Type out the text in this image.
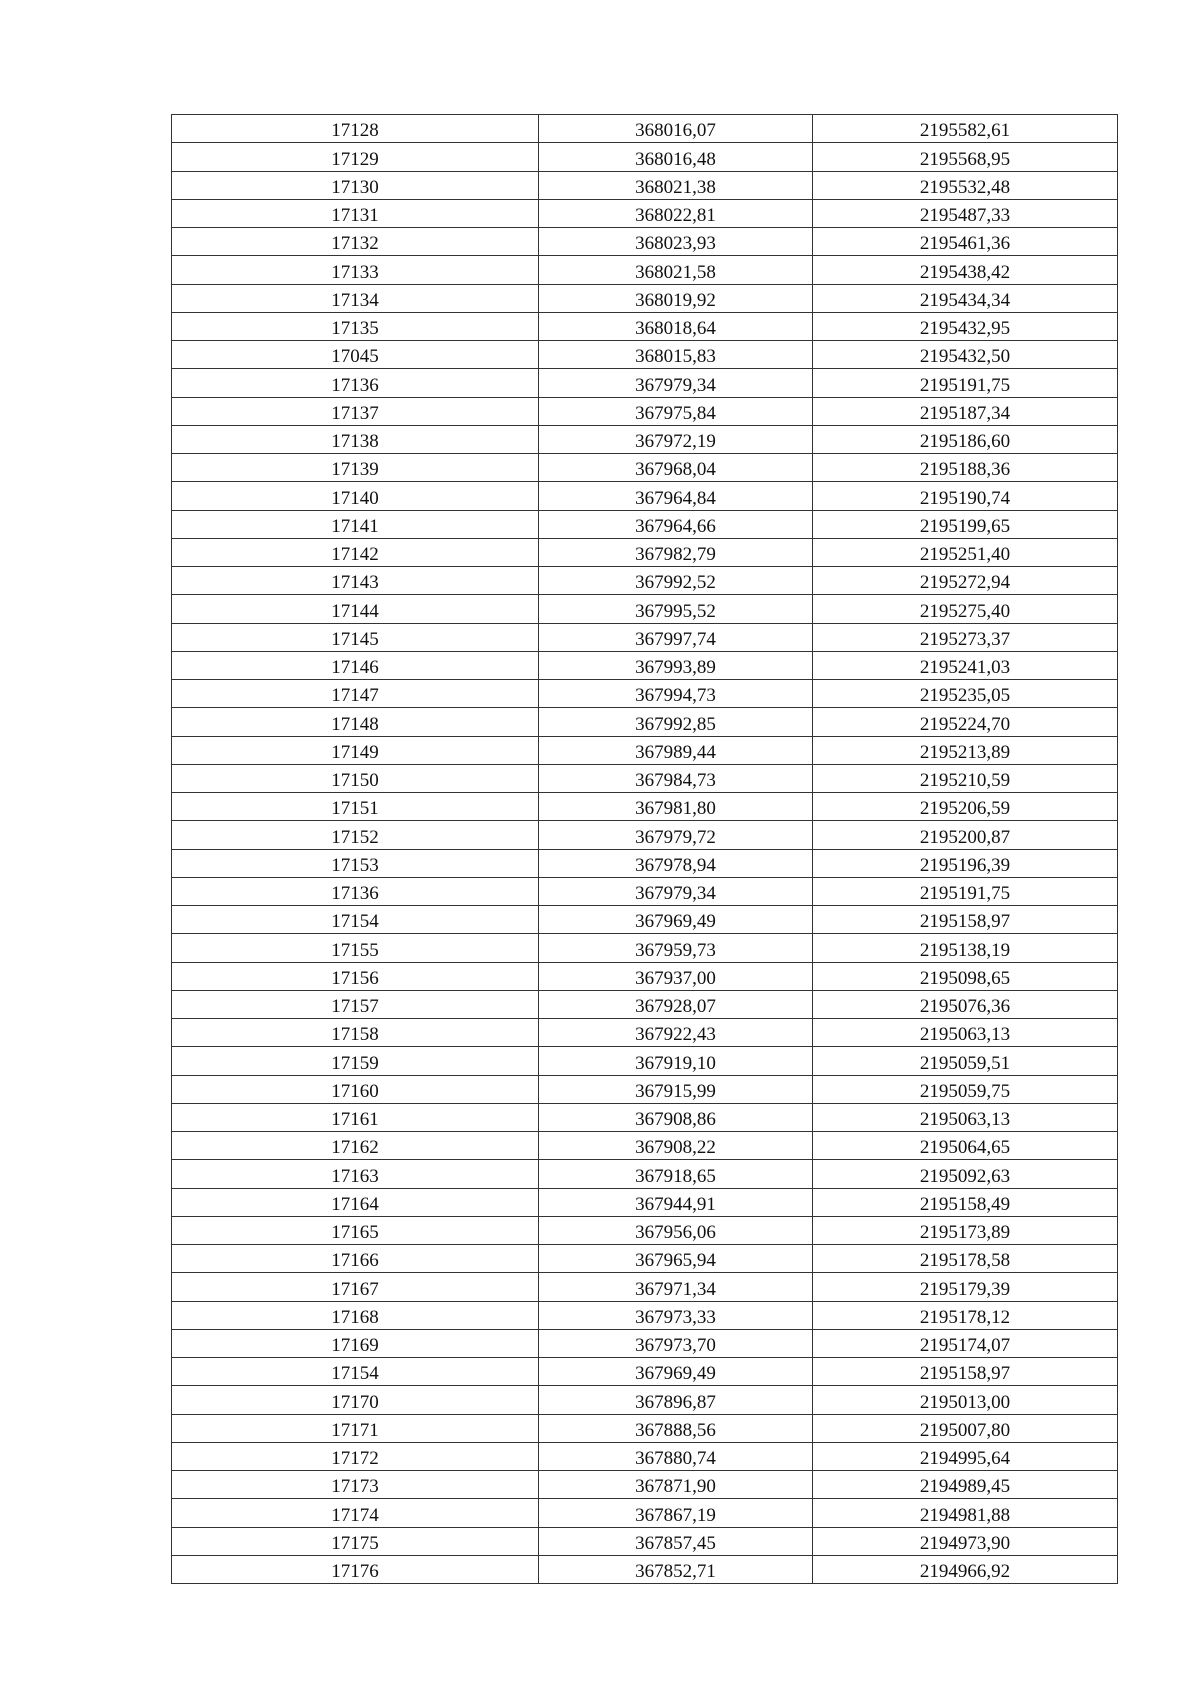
17128	368016,07	2195582,61
17129	368016,48	2195568,95
17130	368021,38	2195532,48
17131	368022,81	2195487,33
17132	368023,93	2195461,36
17133	368021,58	2195438,42
17134	368019,92	2195434,34
17135	368018,64	2195432,95
17045	368015,83	2195432,50
17136	367979,34	2195191,75
17137	367975,84	2195187,34
17138	367972,19	2195186,60
17139	367968,04	2195188,36
17140	367964,84	2195190,74
17141	367964,66	2195199,65
17142	367982,79	2195251,40
17143	367992,52	2195272,94
17144	367995,52	2195275,40
17145	367997,74	2195273,37
17146	367993,89	2195241,03
17147	367994,73	2195235,05
17148	367992,85	2195224,70
17149	367989,44	2195213,89
17150	367984,73	2195210,59
17151	367981,80	2195206,59
17152	367979,72	2195200,87
17153	367978,94	2195196,39
17136	367979,34	2195191,75
17154	367969,49	2195158,97
17155	367959,73	2195138,19
17156	367937,00	2195098,65
17157	367928,07	2195076,36
17158	367922,43	2195063,13
17159	367919,10	2195059,51
17160	367915,99	2195059,75
17161	367908,86	2195063,13
17162	367908,22	2195064,65
17163	367918,65	2195092,63
17164	367944,91	2195158,49
17165	367956,06	2195173,89
17166	367965,94	2195178,58
17167	367971,34	2195179,39
17168	367973,33	2195178,12
17169	367973,70	2195174,07
17154	367969,49	2195158,97
17170	367896,87	2195013,00
17171	367888,56	2195007,80
17172	367880,74	2194995,64
17173	367871,90	2194989,45
17174	367867,19	2194981,88
17175	367857,45	2194973,90
17176	367852,71	2194966,92
